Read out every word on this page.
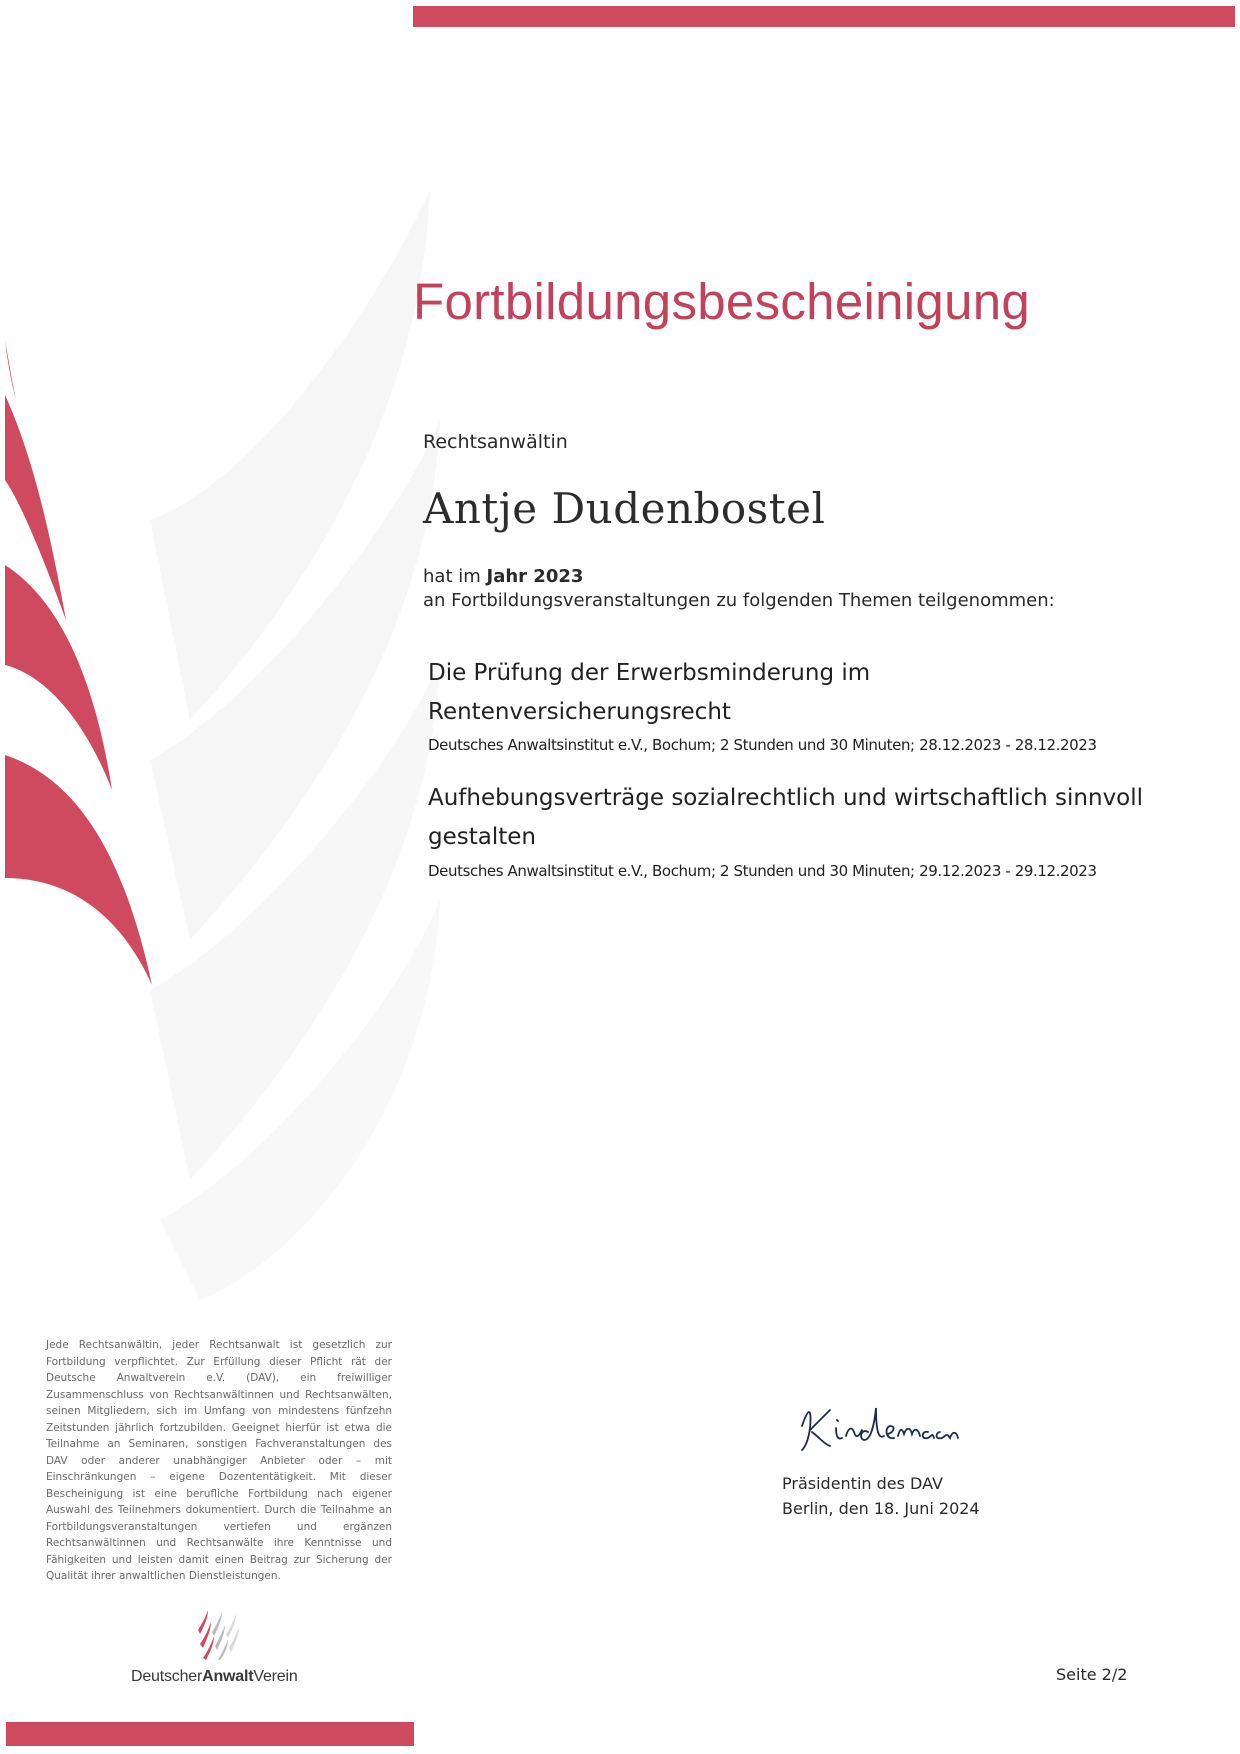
Fortbildungsbescheinigung
Rechtsanwältin
Antje Dudenbostel
hat im Jahr 2023
an Fortbildungsveranstaltungen zu folgenden Themen teilgenommen:
Die Prüfung der Erwerbsminderung im Rentenversicherungsrecht
Deutsches Anwaltsinstitut e.V., Bochum; 2 Stunden und 30 Minuten; 28.12.2023 - 28.12.2023
Aufhebungsverträge sozialrechtlich und wirtschaftlich sinnvoll gestalten
Deutsches Anwaltsinstitut e.V., Bochum; 2 Stunden und 30 Minuten; 29.12.2023 - 29.12.2023

Jede Rechtsanwältin, jeder Rechtsanwalt ist gesetzlich zur Fortbildung verpflichtet. Zur Erfüllung dieser Pflicht rät der Deutsche Anwaltverein e.V. (DAV), ein freiwilliger Zusammenschluss von Rechtsanwältinnen und Rechtsanwälten, seinen Mitgliedern, sich im Umfang von mindestens fünfzehn Zeitstunden jährlich fortzubilden. Geeignet hierfür ist etwa die Teilnahme an Seminaren, sonstigen Fachveranstaltungen des DAV oder anderer unabhängiger Anbieter oder – mit Einschränkungen – eigene Dozententätigkeit. Mit dieser Bescheinigung ist eine berufliche Fortbildung nach eigener Auswahl des Teilnehmers dokumentiert. Durch die Teilnahme an Fortbildungsveranstaltungen vertiefen und ergänzen Rechtsanwältinnen und Rechtsanwälte ihre Kenntnisse und Fähigkeiten und leisten damit einen Beitrag zur Sicherung der Qualität ihrer anwaltlichen Dienstleistungen.

Präsidentin des DAV
Berlin, den 18. Juni 2024
DeutscherAnwaltVerein	Seite 2/2
